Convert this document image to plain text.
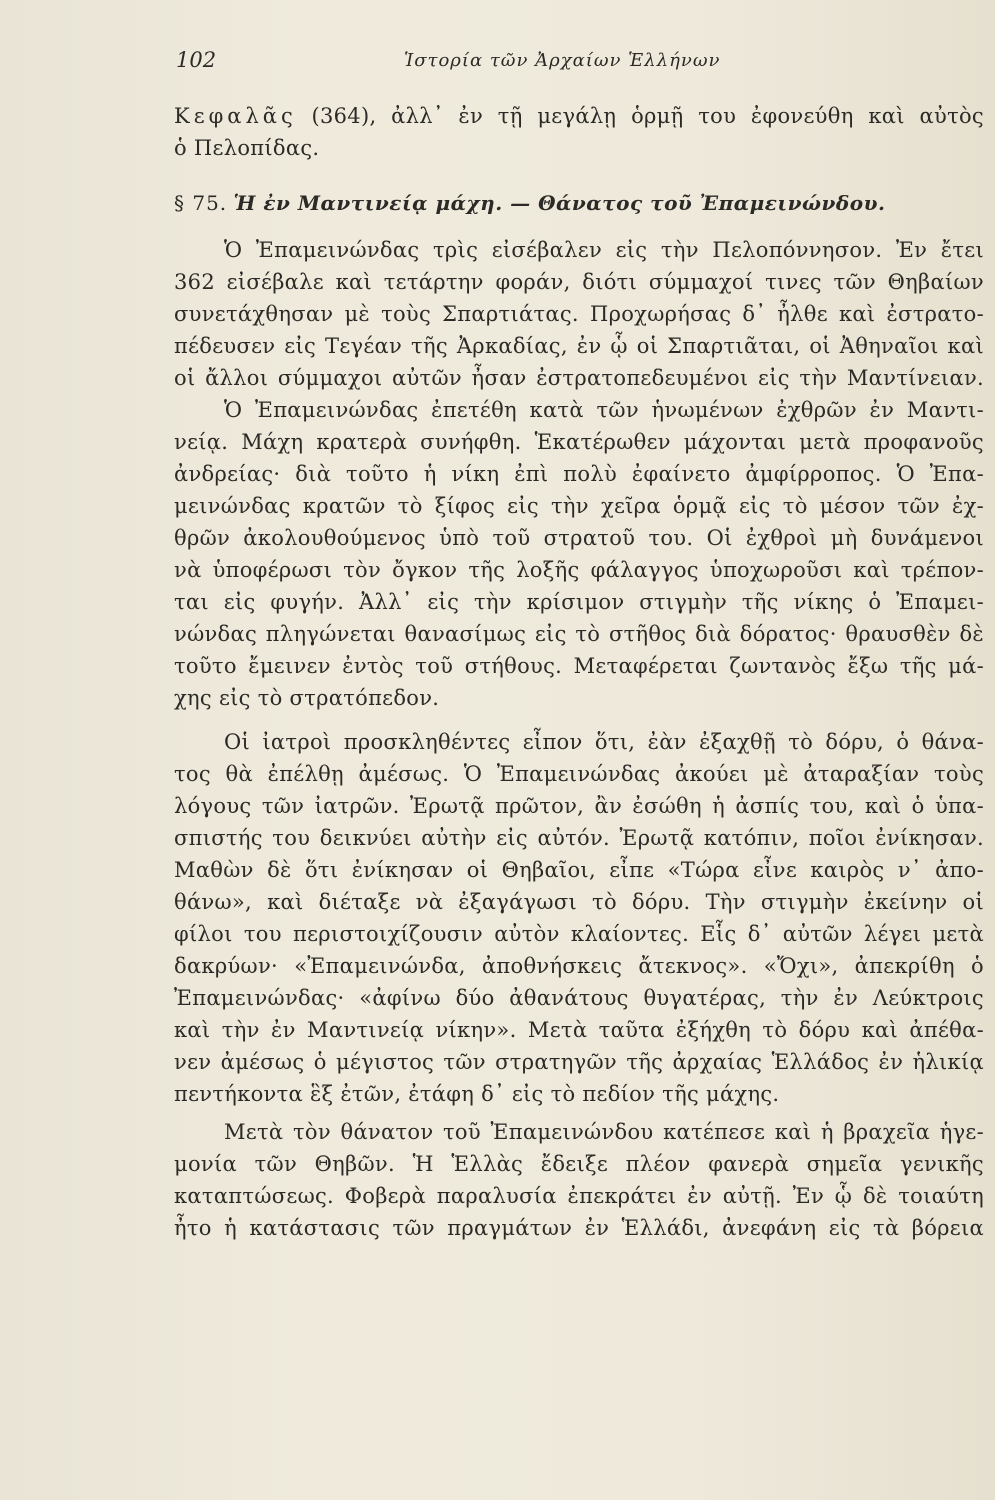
102	Ἱστορία τῶν Ἀρχαίων Ἑλλήνων
Κεφαλᾶς (364), ἀλλ᾽ ἐν τῇ μεγάλῃ ὁρμῇ του ἐφονεύθη καὶ αὐτὸς
ὁ Πελοπίδας.
§ 75. Ἡ ἐν Μαντινείᾳ μάχη. — Θάνατος τοῦ Ἐπαμεινώνδου.
Ὁ Ἐπαμεινώνδας τρὶς εἰσέβαλεν εἰς τὴν Πελοπόννησον. Ἐν ἔτει
362 εἰσέβαλε καὶ τετάρτην φοράν, διότι σύμμαχοί τινες τῶν Θηβαίων
συνετάχθησαν μὲ τοὺς Σπαρτιάτας. Προχωρήσας δ᾽ ἦλθε καὶ ἐστρατο-
πέδευσεν εἰς Τεγέαν τῆς Ἀρκαδίας, ἐν ᾧ οἱ Σπαρτιᾶται, οἱ Ἀθηναῖοι καὶ
οἱ ἄλλοι σύμμαχοι αὐτῶν ἦσαν ἐστρατοπεδευμένοι εἰς τὴν Μαντίνειαν.
Ὁ Ἐπαμεινώνδας ἐπετέθη κατὰ τῶν ἡνωμένων ἐχθρῶν ἐν Μαντι-
νείᾳ. Μάχη κρατερὰ συνήφθη. Ἑκατέρωθεν μάχονται μετὰ προφανοῦς
ἀνδρείας· διὰ τοῦτο ἡ νίκη ἐπὶ πολὺ ἐφαίνετο ἀμφίρροπος. Ὁ Ἐπα-
μεινώνδας κρατῶν τὸ ξίφος εἰς τὴν χεῖρα ὁρμᾷ εἰς τὸ μέσον τῶν ἐχ-
θρῶν ἀκολουθούμενος ὑπὸ τοῦ στρατοῦ του. Οἱ ἐχθροὶ μὴ δυνάμενοι
νὰ ὑποφέρωσι τὸν ὄγκον τῆς λοξῆς φάλαγγος ὑποχωροῦσι καὶ τρέπον-
ται εἰς φυγήν. Ἀλλ᾽ εἰς τὴν κρίσιμον στιγμὴν τῆς νίκης ὁ Ἐπαμει-
νώνδας πληγώνεται θανασίμως εἰς τὸ στῆθος διὰ δόρατος· θραυσθὲν δὲ
τοῦτο ἔμεινεν ἐντὸς τοῦ στήθους. Μεταφέρεται ζωντανὸς ἔξω τῆς μά-
χης εἰς τὸ στρατόπεδον.
Οἱ ἰατροὶ προσκληθέντες εἶπον ὅτι, ἐὰν ἐξαχθῇ τὸ δόρυ, ὁ θάνα-
τος θὰ ἐπέλθῃ ἀμέσως. Ὁ Ἐπαμεινώνδας ἀκούει μὲ ἀταραξίαν τοὺς
λόγους τῶν ἰατρῶν. Ἐρωτᾷ πρῶτον, ἂν ἐσώθη ἡ ἀσπίς του, καὶ ὁ ὑπα-
σπιστής του δεικνύει αὐτὴν εἰς αὐτόν. Ἐρωτᾷ κατόπιν, ποῖοι ἐνίκησαν.
Μαθὼν δὲ ὅτι ἐνίκησαν οἱ Θηβαῖοι, εἶπε «Τώρα εἶνε καιρὸς ν᾽ ἀπο-
θάνω», καὶ διέταξε νὰ ἐξαγάγωσι τὸ δόρυ. Τὴν στιγμὴν ἐκείνην οἱ
φίλοι του περιστοιχίζουσιν αὐτὸν κλαίοντες. Εἷς δ᾽ αὐτῶν λέγει μετὰ
δακρύων· «Ἐπαμεινώνδα, ἀποθνήσκεις ἄτεκνος». «Ὄχι», ἀπεκρίθη ὁ
Ἐπαμεινώνδας· «ἀφίνω δύο ἀθανάτους θυγατέρας, τὴν ἐν Λεύκτροις
καὶ τὴν ἐν Μαντινείᾳ νίκην». Μετὰ ταῦτα ἐξήχθη τὸ δόρυ καὶ ἀπέθα-
νεν ἀμέσως ὁ μέγιστος τῶν στρατηγῶν τῆς ἀρχαίας Ἑλλάδος ἐν ἡλικίᾳ
πεντήκοντα ἓξ ἐτῶν, ἐτάφη δ᾽ εἰς τὸ πεδίον τῆς μάχης.
Μετὰ τὸν θάνατον τοῦ Ἐπαμεινώνδου κατέπεσε καὶ ἡ βραχεῖα ἡγε-
μονία τῶν Θηβῶν. Ἡ Ἑλλὰς ἔδειξε πλέον φανερὰ σημεῖα γενικῆς
καταπτώσεως. Φοβερὰ παραλυσία ἐπεκράτει ἐν αὐτῇ. Ἐν ᾧ δὲ τοιαύτη
ἦτο ἡ κατάστασις τῶν πραγμάτων ἐν Ἑλλάδι, ἀνεφάνη εἰς τὰ βόρεια
